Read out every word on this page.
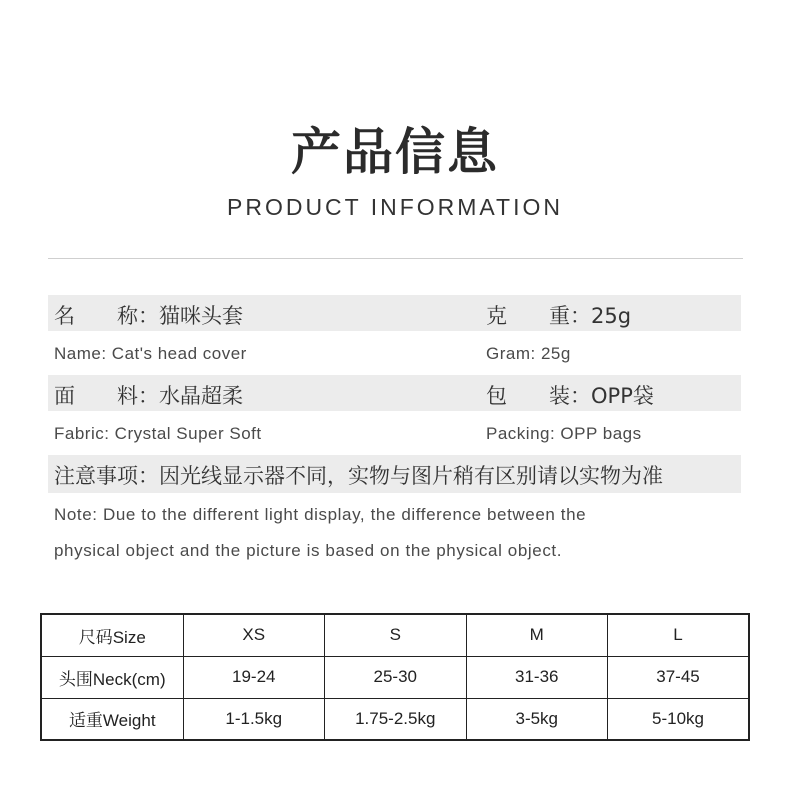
产品信息
PRODUCT INFORMATION
名　　称：猫咪头套	克　　重：25g
Name: Cat's head cover	Gram: 25g
面　　料：水晶超柔	包　　装：OPP袋
Fabric: Crystal Super Soft	Packing: OPP bags
注意事项：因光线显示器不同，实物与图片稍有区别请以实物为准
Note: Due to the different light display, the difference between the
physical object and the picture is based on the physical object.
尺码Size	XS	S	M	L
头围Neck(cm)	19-24	25-30	31-36	37-45
适重Weight	1-1.5kg	1.75-2.5kg	3-5kg	5-10kg
